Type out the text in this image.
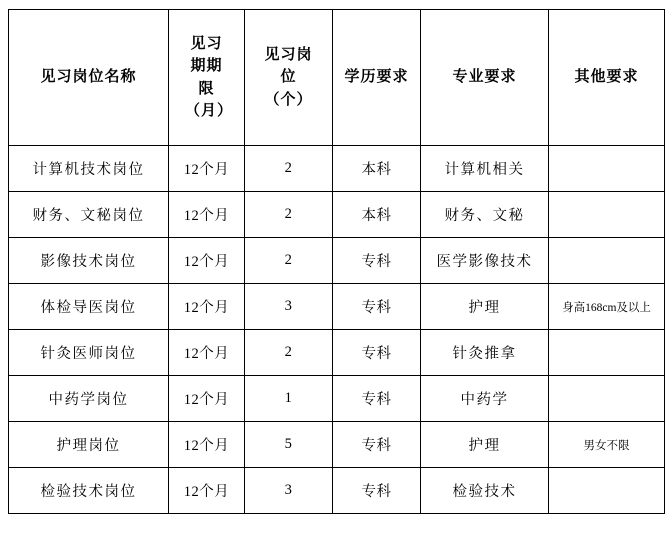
见习岗位名称	见习期期限（月）	见习岗位（个）	学历要求	专业要求	其他要求
计算机技术岗位	12个月	2	本科	计算机相关	
财务、文秘岗位	12个月	2	本科	财务、文秘	
影像技术岗位	12个月	2	专科	医学影像技术	
体检导医岗位	12个月	3	专科	护理	身高168cm及以上
针灸医师岗位	12个月	2	专科	针灸推拿	
中药学岗位	12个月	1	专科	中药学	
护理岗位	12个月	5	专科	护理	男女不限
检验技术岗位	12个月	3	专科	检验技术	
